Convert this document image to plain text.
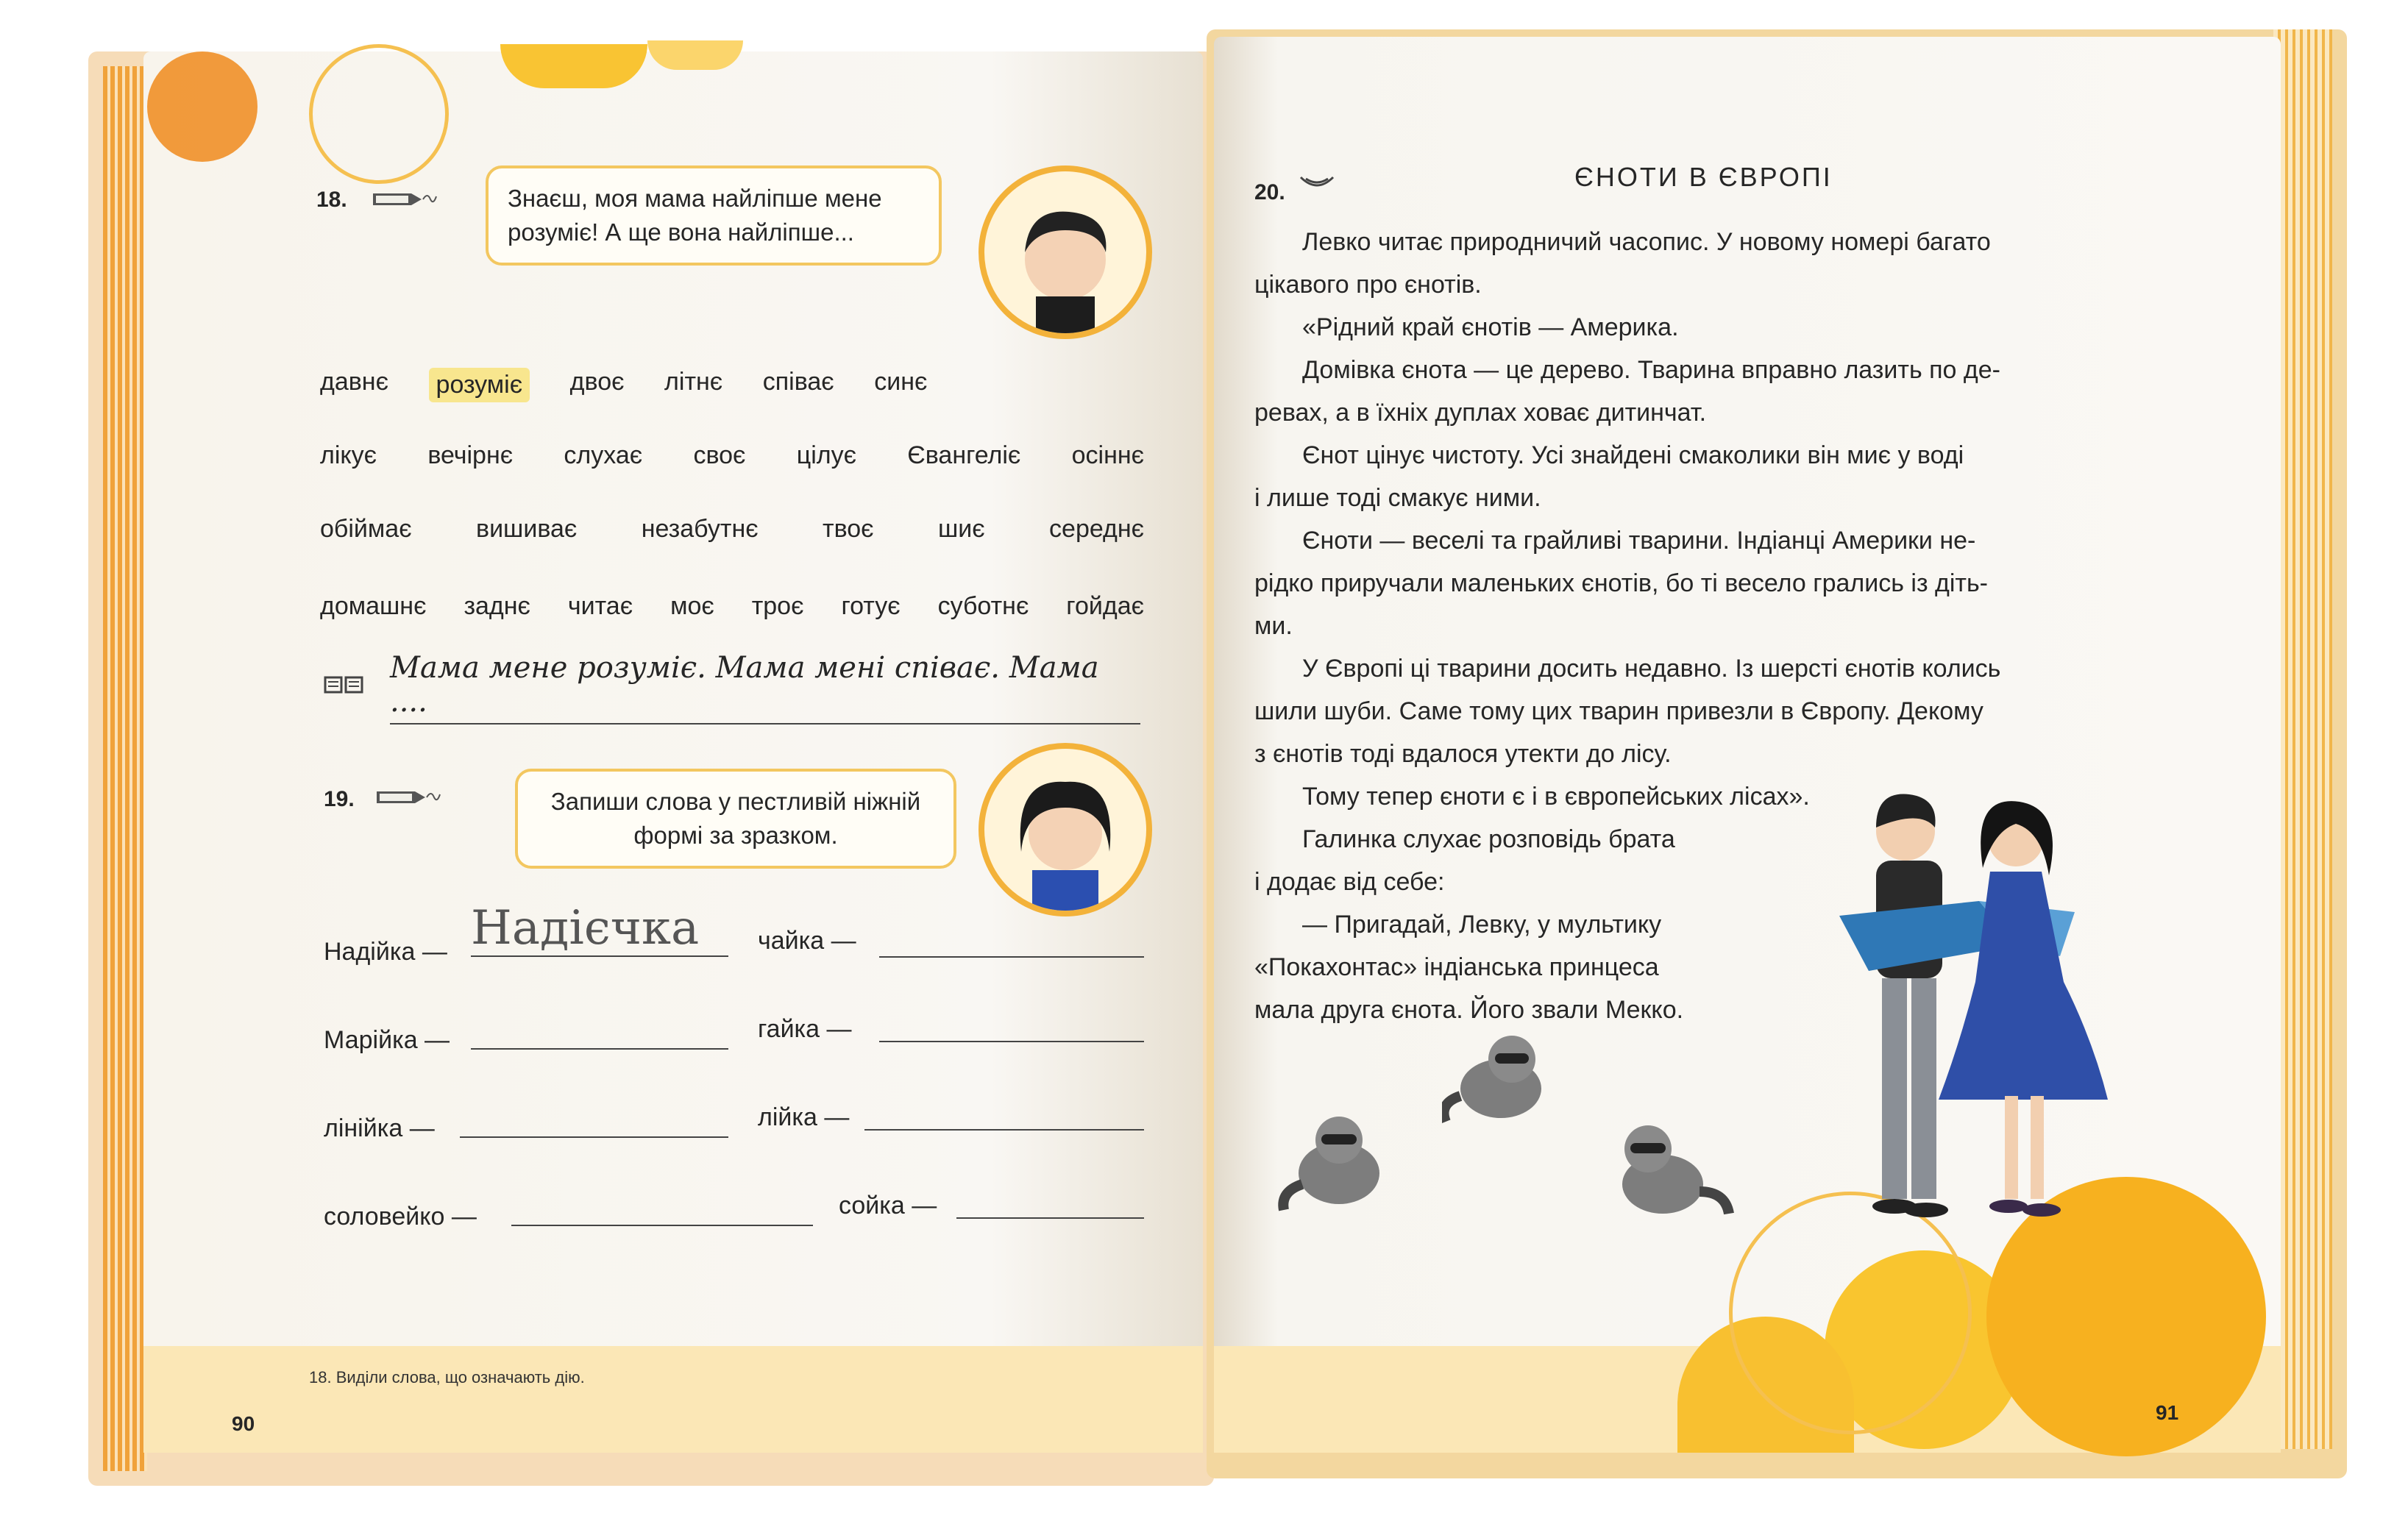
18.	Знаєш, моя мама найліпше мене розуміє! А ще вона найліпше...
давнє розуміє двоє літнє співає синє
лікує вечірнє слухає своє цілує Євангеліє осіннє
обіймає	вишиває	незабутнє	твоє	шиє	середнє
домашнє заднє читає моє троє готує суботнє гойдає
Мама мене розуміє. Мама мені співає. Мама ....
19.	Запиши слова у пестливій ніжній формі за зразком.
Надійка — Надієчка	чайка —
Марійка —	гайка —
лінійка —	лійка —
соловейко —	сойка —
18. Виділи слова, що означають дію.
90
20.
ЄНОТИ В ЄВРОПІ
Левко читає природничий часопис. У новому номері багато
цікавого про єнотів.
«Рідний край єнотів — Америка.
Домівка єнота — це дерево. Тварина вправно лазить по де-
ревах, а в їхніх дуплах ховає дитинчат.
Єнот цінує чистоту. Усі знайдені смаколики він миє у воді
і лише тоді смакує ними.
Єноти — веселі та грайливі тварини. Індіанці Америки не-
рідко приручали маленьких єнотів, бо ті весело грались із діть-
ми.
У Європі ці тварини досить недавно. Із шерсті єнотів колись
шили шуби. Саме тому цих тварин привезли в Європу. Декому
з єнотів тоді вдалося утекти до лісу.
Тому тепер єноти є і в європейських лісах».
Галинка слухає розповідь брата
і додає від себе:
— Пригадай, Левку, у мультику
«Покахонтас» індіанська принцеса
мала друга єнота. Його звали Мекко.
91
